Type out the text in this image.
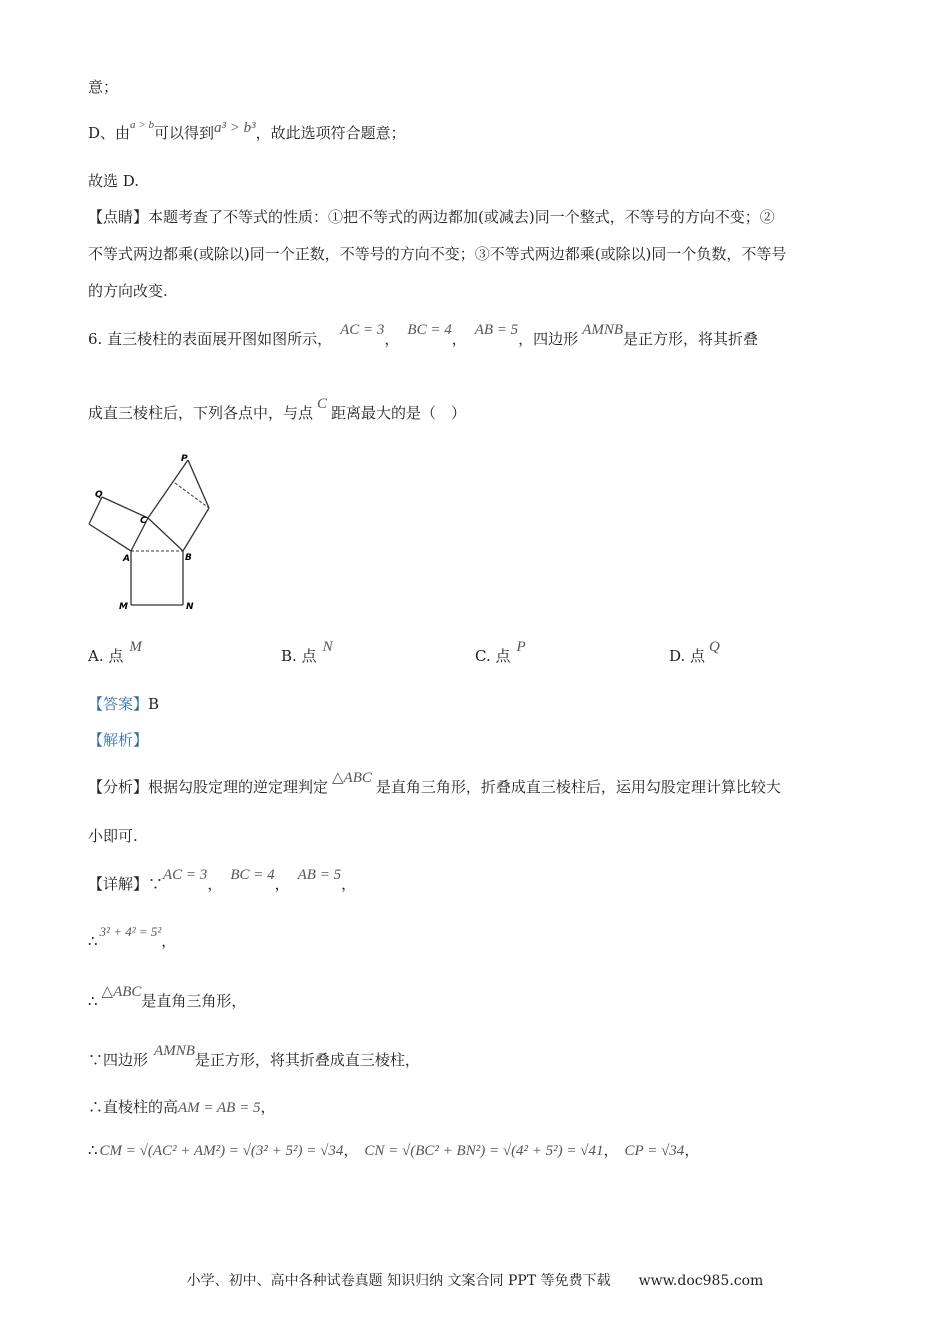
意；
D、由$^{a > b}$可以得到a³ > b³，故此选项符合题意；
故选 D.
【点睛】本题考查了不等式的性质：①把不等式的两边都加(或减去)同一个整式，不等号的方向不变；②
不等式两边都乘(或除以)同一个正数，不等号的方向不变；③不等式两边都乘(或除以)同一个负数，不等号
的方向改变.
6. 直三棱柱的表面展开图如图所示， AC = 3， BC = 4， AB = 5，四边形 AMNB是正方形，将其折叠
成直三棱柱后，下列各点中，与点 C 距离最大的是（　）
P
Q
C
A	B
M	N
A. 点 M	B. 点 N	C. 点 P	D. 点 Q
【答案】B
【解析】
【分析】根据勾股定理的逆定理判定 △ABC 是直角三角形，折叠成直三棱柱后，运用勾股定理计算比较大
小即可.
【详解】∵AC = 3， BC = 4， AB = 5，
∴3² + 4² = 5²，
∴ △ABC是直角三角形，
∵四边形 AMNB是正方形，将其折叠成直三棱柱，
∴直棱柱的高AM = AB = 5，
∴ CM = √(AC² + AM²) = √(3² + 5²) = √34， CN = √(BC² + BN²) = √(4² + 5²) = √41， CP = √34，
小学、初中、高中各种试卷真题 知识归纳 文案合同 PPT 等免费下载　　www.doc985.com
